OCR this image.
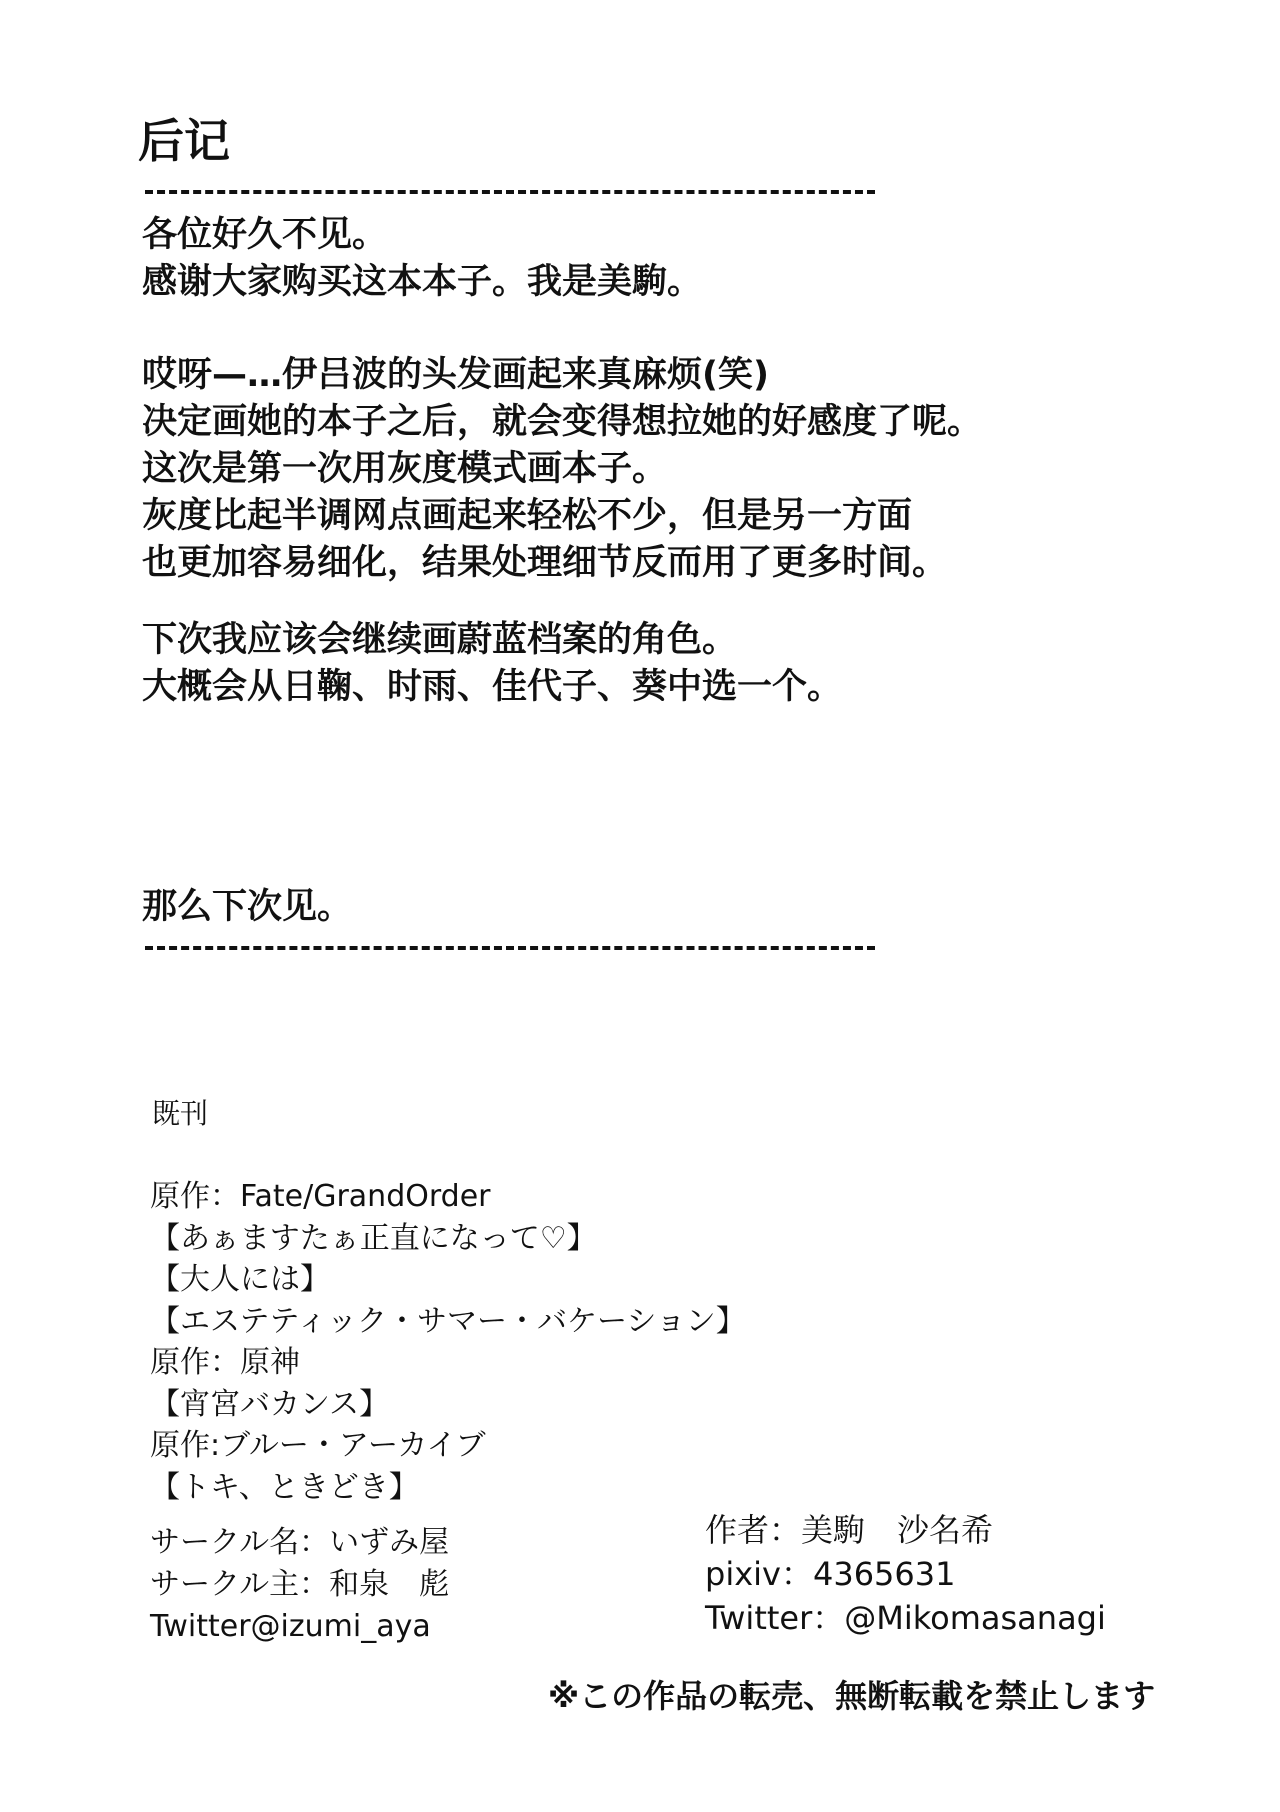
后记

各位好久不见。
感谢大家购买这本本子。我是美駒。

哎呀—…伊吕波的头发画起来真麻烦(笑)
决定画她的本子之后，就会变得想拉她的好感度了呢。
这次是第一次用灰度模式画本子。
灰度比起半调网点画起来轻松不少，但是另一方面
也更加容易细化，结果处理细节反而用了更多时间。

下次我应该会继续画蔚蓝档案的角色。
大概会从日鞠、时雨、佳代子、葵中选一个。

那么下次见。
既刊
原作：Fate/GrandOrder
【あぁますたぁ正直になって♡】
【大人には】
【エステティック・サマー・バケーション】
原作：原神
【宵宮バカンス】
原作:ブルー・アーカイブ
【トキ、ときどき】
サークル名：いずみ屋
サークル主：和泉　彪
Twitter@izumi_aya
作者：美駒　沙名希
pixiv：4365631
Twitter：@Mikomasanagi
※この作品の転売、無断転載を禁止します
